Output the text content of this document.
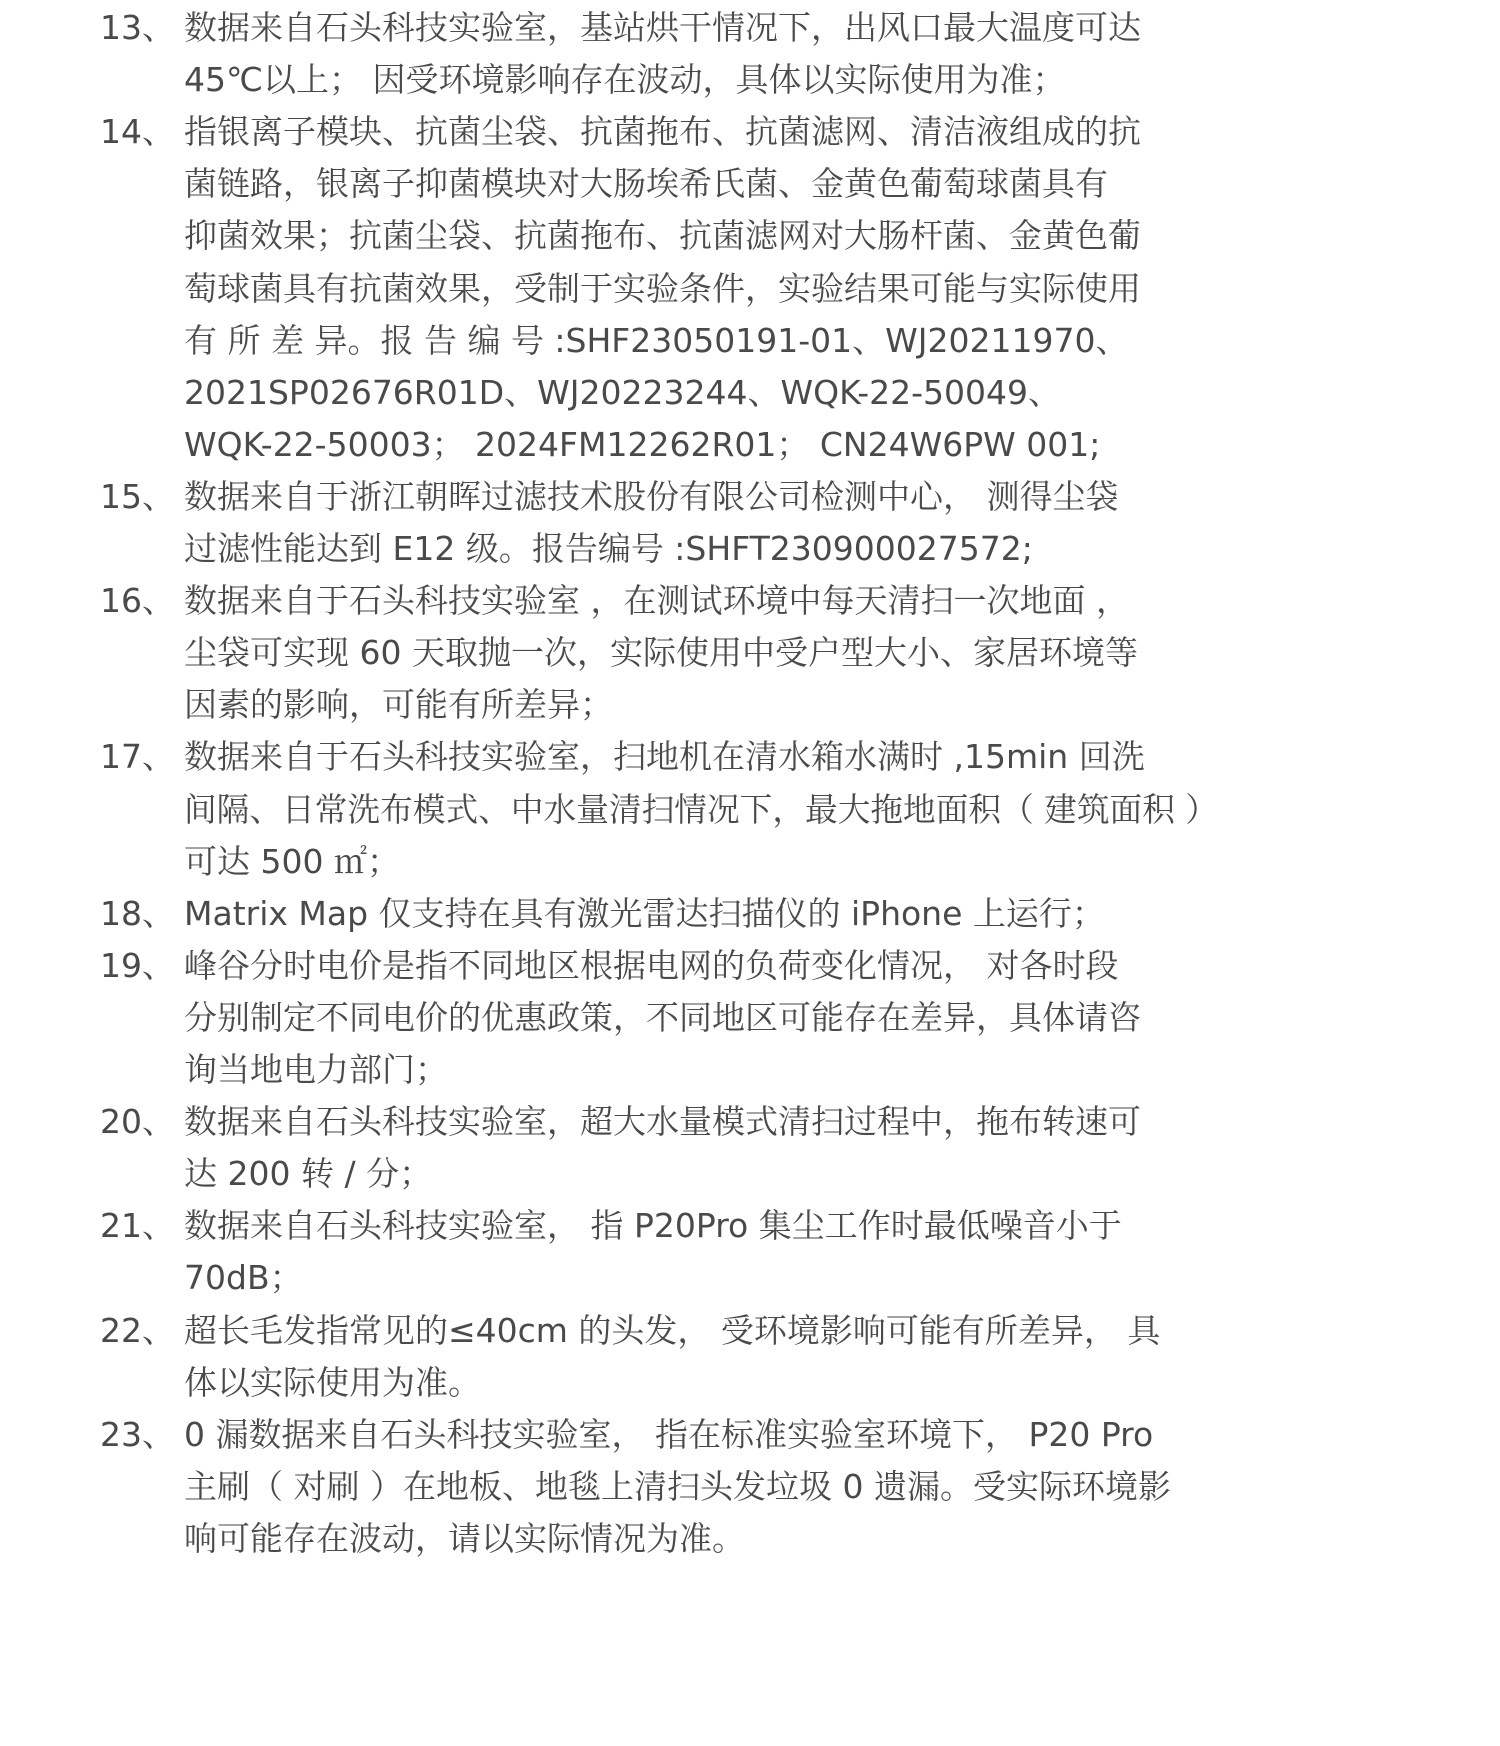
13、 数据来自石头科技实验室，基站烘干情况下，出风口最大温度可达
45℃以上； 因受环境影响存在波动，具体以实际使用为准；
14、 指银离子模块、抗菌尘袋、抗菌拖布、抗菌滤网、清洁液组成的抗
菌链路，银离子抑菌模块对大肠埃希氏菌、金黄色葡萄球菌具有
抑菌效果；抗菌尘袋、抗菌拖布、抗菌滤网对大肠杆菌、金黄色葡
萄球菌具有抗菌效果，受制于实验条件，实验结果可能与实际使用
有 所 差 异。报 告 编 号 :SHF23050191-01、WJ20211970、
2021SP02676R01D、WJ20223244、WQK-22-50049、
WQK-22-50003； 2024FM12262R01； CN24W6PW 001;
15、 数据来自于浙江朝晖过滤技术股份有限公司检测中心， 测得尘袋
过滤性能达到 E12 级。报告编号 :SHFT230900027572;
16、 数据来自于石头科技实验室 ，在测试环境中每天清扫一次地面 ，
尘袋可实现 60 天取抛一次，实际使用中受户型大小、家居环境等
因素的影响，可能有所差异；
17、 数据来自于石头科技实验室，扫地机在清水箱水满时 ,15min 回洗
间隔、日常洗布模式、中水量清扫情况下，最大拖地面积（ 建筑面积 ）
可达 500 ㎡；
18、 Matrix Map 仅支持在具有激光雷达扫描仪的 iPhone 上运行；
19、 峰谷分时电价是指不同地区根据电网的负荷变化情况， 对各时段
分别制定不同电价的优惠政策，不同地区可能存在差异，具体请咨
询当地电力部门；
20、 数据来自石头科技实验室，超大水量模式清扫过程中，拖布转速可
达 200 转 / 分；
21、 数据来自石头科技实验室， 指 P20Pro 集尘工作时最低噪音小于
70dB；
22、 超长毛发指常见的≤40cm 的头发， 受环境影响可能有所差异， 具
体以实际使用为准。
23、 0 漏数据来自石头科技实验室， 指在标准实验室环境下， P20 Pro
主刷（ 对刷 ）在地板、地毯上清扫头发垃圾 0 遗漏。受实际环境影
响可能存在波动，请以实际情况为准。
